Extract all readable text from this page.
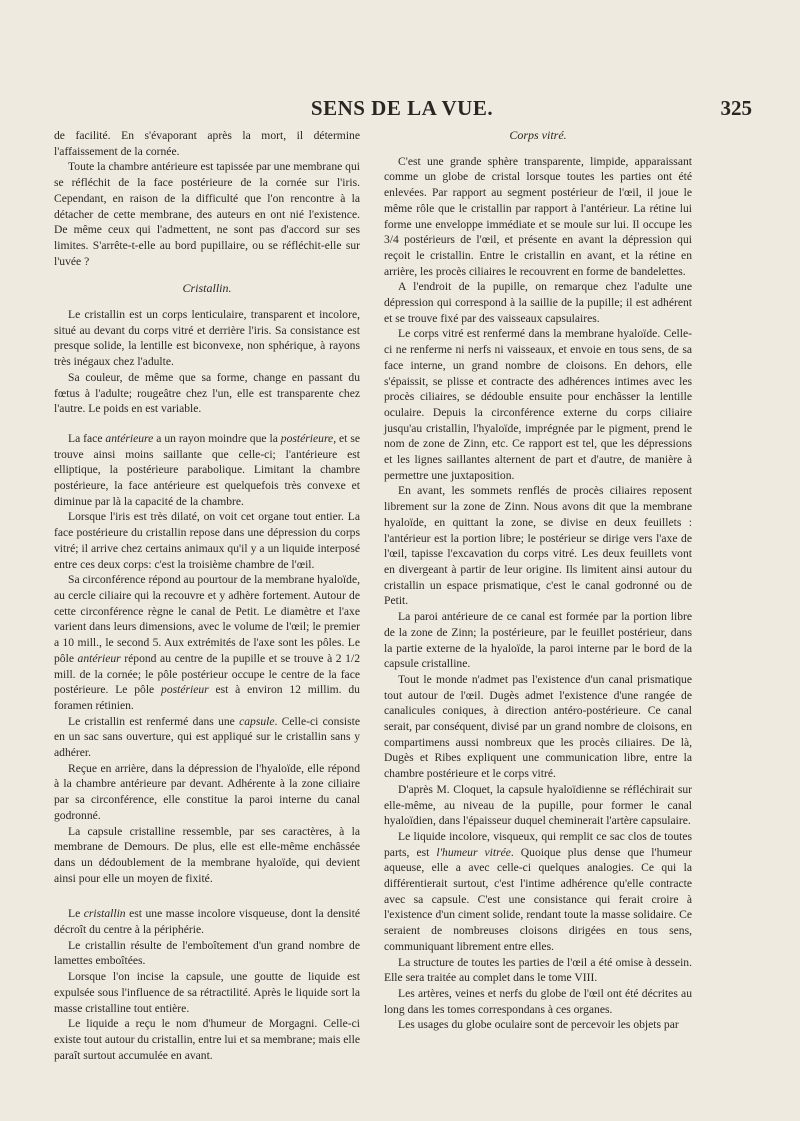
SENS DE LA VUE.	325

de facilité. En s'évaporant après la mort, il détermine l'affaissement de la cornée.

Toute la chambre antérieure est tapissée par une membrane qui se réfléchit de la face postérieure de la cornée sur l'iris. Cependant, en raison de la difficulté que l'on rencontre à la détacher de cette membrane, des auteurs en ont nié l'existence. De même ceux qui l'admettent, ne sont pas d'accord sur ses limites. S'arrête-t-elle au bord pupillaire, ou se réfléchit-elle sur l'uvée ?

Cristallin.

Le cristallin est un corps lenticulaire, transparent et incolore, situé au devant du corps vitré et derrière l'iris. Sa consistance est presque solide, la lentille est biconvexe, non sphérique, à rayons très inégaux chez l'adulte.

Sa couleur, de même que sa forme, change en passant du fœtus à l'adulte; rougeâtre chez l'un, elle est transparente chez l'autre. Le poids en est variable.

La face antérieure a un rayon moindre que la postérieure, et se trouve ainsi moins saillante que celle-ci; l'antérieure est elliptique, la postérieure parabolique. Limitant la chambre postérieure, la face antérieure est quelquefois très convexe et diminue par là la capacité de la chambre.

Lorsque l'iris est très dilaté, on voit cet organe tout entier. La face postérieure du cristallin repose dans une dépression du corps vitré; il arrive chez certains animaux qu'il y a un liquide interposé entre ces deux corps: c'est la troisième chambre de l'œil.

Sa circonférence répond au pourtour de la membrane hyaloïde, au cercle ciliaire qui la recouvre et y adhère fortement. Autour de cette circonférence règne le canal de Petit. Le diamètre et l'axe varient dans leurs dimensions, avec le volume de l'œil; le premier a 10 mill., le second 5. Aux extrémités de l'axe sont les pôles. Le pôle antérieur répond au centre de la pupille et se trouve à 2 1/2 mill. de la cornée; le pôle postérieur occupe le centre de la face postérieure. Le pôle postérieur est à environ 12 millim. du foramen rétinien.

Le cristallin est renfermé dans une capsule. Celle-ci consiste en un sac sans ouverture, qui est appliqué sur le cristallin sans y adhérer.

Reçue en arrière, dans la dépression de l'hyaloïde, elle répond à la chambre antérieure par devant. Adhérente à la zone ciliaire par sa circonférence, elle constitue la paroi interne du canal godronné.

La capsule cristalline ressemble, par ses caractères, à la membrane de Demours. De plus, elle est elle-même enchâssée dans un dédoublement de la membrane hyaloïde, qui devient ainsi pour elle un moyen de fixité.

Le cristallin est une masse incolore visqueuse, dont la densité décroît du centre à la périphérie.

Le cristallin résulte de l'emboîtement d'un grand nombre de lamettes emboîtées.

Lorsque l'on incise la capsule, une goutte de liquide est expulsée sous l'influence de sa rétractilité. Après le liquide sort la masse cristalline tout entière.

Le liquide a reçu le nom d'humeur de Morgagni. Celle-ci existe tout autour du cristallin, entre lui et sa membrane; mais elle paraît surtout accumulée en avant.

Corps vitré.

C'est une grande sphère transparente, limpide, apparaissant comme un globe de cristal lorsque toutes les parties ont été enlevées. Par rapport au segment postérieur de l'œil, il joue le même rôle que le cristallin par rapport à l'antérieur. La rétine lui forme une enveloppe immédiate et se moule sur lui. Il occupe les 3/4 postérieurs de l'œil, et présente en avant la dépression qui reçoit le cristallin. Entre le cristallin en avant, et la rétine en arrière, les procès ciliaires le recouvrent en forme de bandelettes.

A l'endroit de la pupille, on remarque chez l'adulte une dépression qui correspond à la saillie de la pupille; il est adhérent et se trouve fixé par des vaisseaux capsulaires.

Le corps vitré est renfermé dans la membrane hyaloïde. Celle-ci ne renferme ni nerfs ni vaisseaux, et envoie en tous sens, de sa face interne, un grand nombre de cloisons. En dehors, elle s'épaissit, se plisse et contracte des adhérences intimes avec les procès ciliaires, se dédouble ensuite pour enchâsser la lentille oculaire. Depuis la circonférence externe du corps ciliaire jusqu'au cristallin, l'hyaloïde, imprégnée par le pigment, prend le nom de zone de Zinn, etc. Ce rapport est tel, que les dépressions et les lignes saillantes alternent de part et d'autre, de manière à permettre une juxtaposition.

En avant, les sommets renflés de procès ciliaires reposent librement sur la zone de Zinn. Nous avons dit que la membrane hyaloïde, en quittant la zone, se divise en deux feuillets : l'antérieur est la portion libre; le postérieur se dirige vers l'axe de l'œil, tapisse l'excavation du corps vitré. Les deux feuillets vont en divergeant à partir de leur origine. Ils limitent ainsi autour du cristallin un espace prismatique, c'est le canal godronné ou de Petit.

La paroi antérieure de ce canal est formée par la portion libre de la zone de Zinn; la postérieure, par le feuillet postérieur, dans la partie externe de la hyaloïde, la paroi interne par le bord de la capsule cristalline.

Tout le monde n'admet pas l'existence d'un canal prismatique tout autour de l'œil. Dugès admet l'existence d'une rangée de canalicules coniques, à direction antéro-postérieure. Ce canal serait, par conséquent, divisé par un grand nombre de cloisons, en compartimens aussi nombreux que les procès ciliaires. De là, Dugès et Ribes expliquent une communication libre, entre la chambre postérieure et le corps vitré.

D'après M. Cloquet, la capsule hyaloïdienne se réfléchirait sur elle-même, au niveau de la pupille, pour former le canal hyaloïdien, dans l'épaisseur duquel cheminerait l'artère capsulaire.

Le liquide incolore, visqueux, qui remplit ce sac clos de toutes parts, est l'humeur vitrée. Quoique plus dense que l'humeur aqueuse, elle a avec celle-ci quelques analogies. Ce qui la différentierait surtout, c'est l'intime adhérence qu'elle contracte avec sa capsule. C'est une consistance qui ferait croire à l'existence d'un ciment solide, rendant toute la masse solidaire. Ce seraient de nombreuses cloisons dirigées en tous sens, communiquant librement entre elles.

La structure de toutes les parties de l'œil a été omise à dessein. Elle sera traitée au complet dans le tome VIII.

Les artères, veines et nerfs du globe de l'œil ont été décrites au long dans les tomes correspondans à ces organes.

Les usages du globe oculaire sont de percevoir les objets par
